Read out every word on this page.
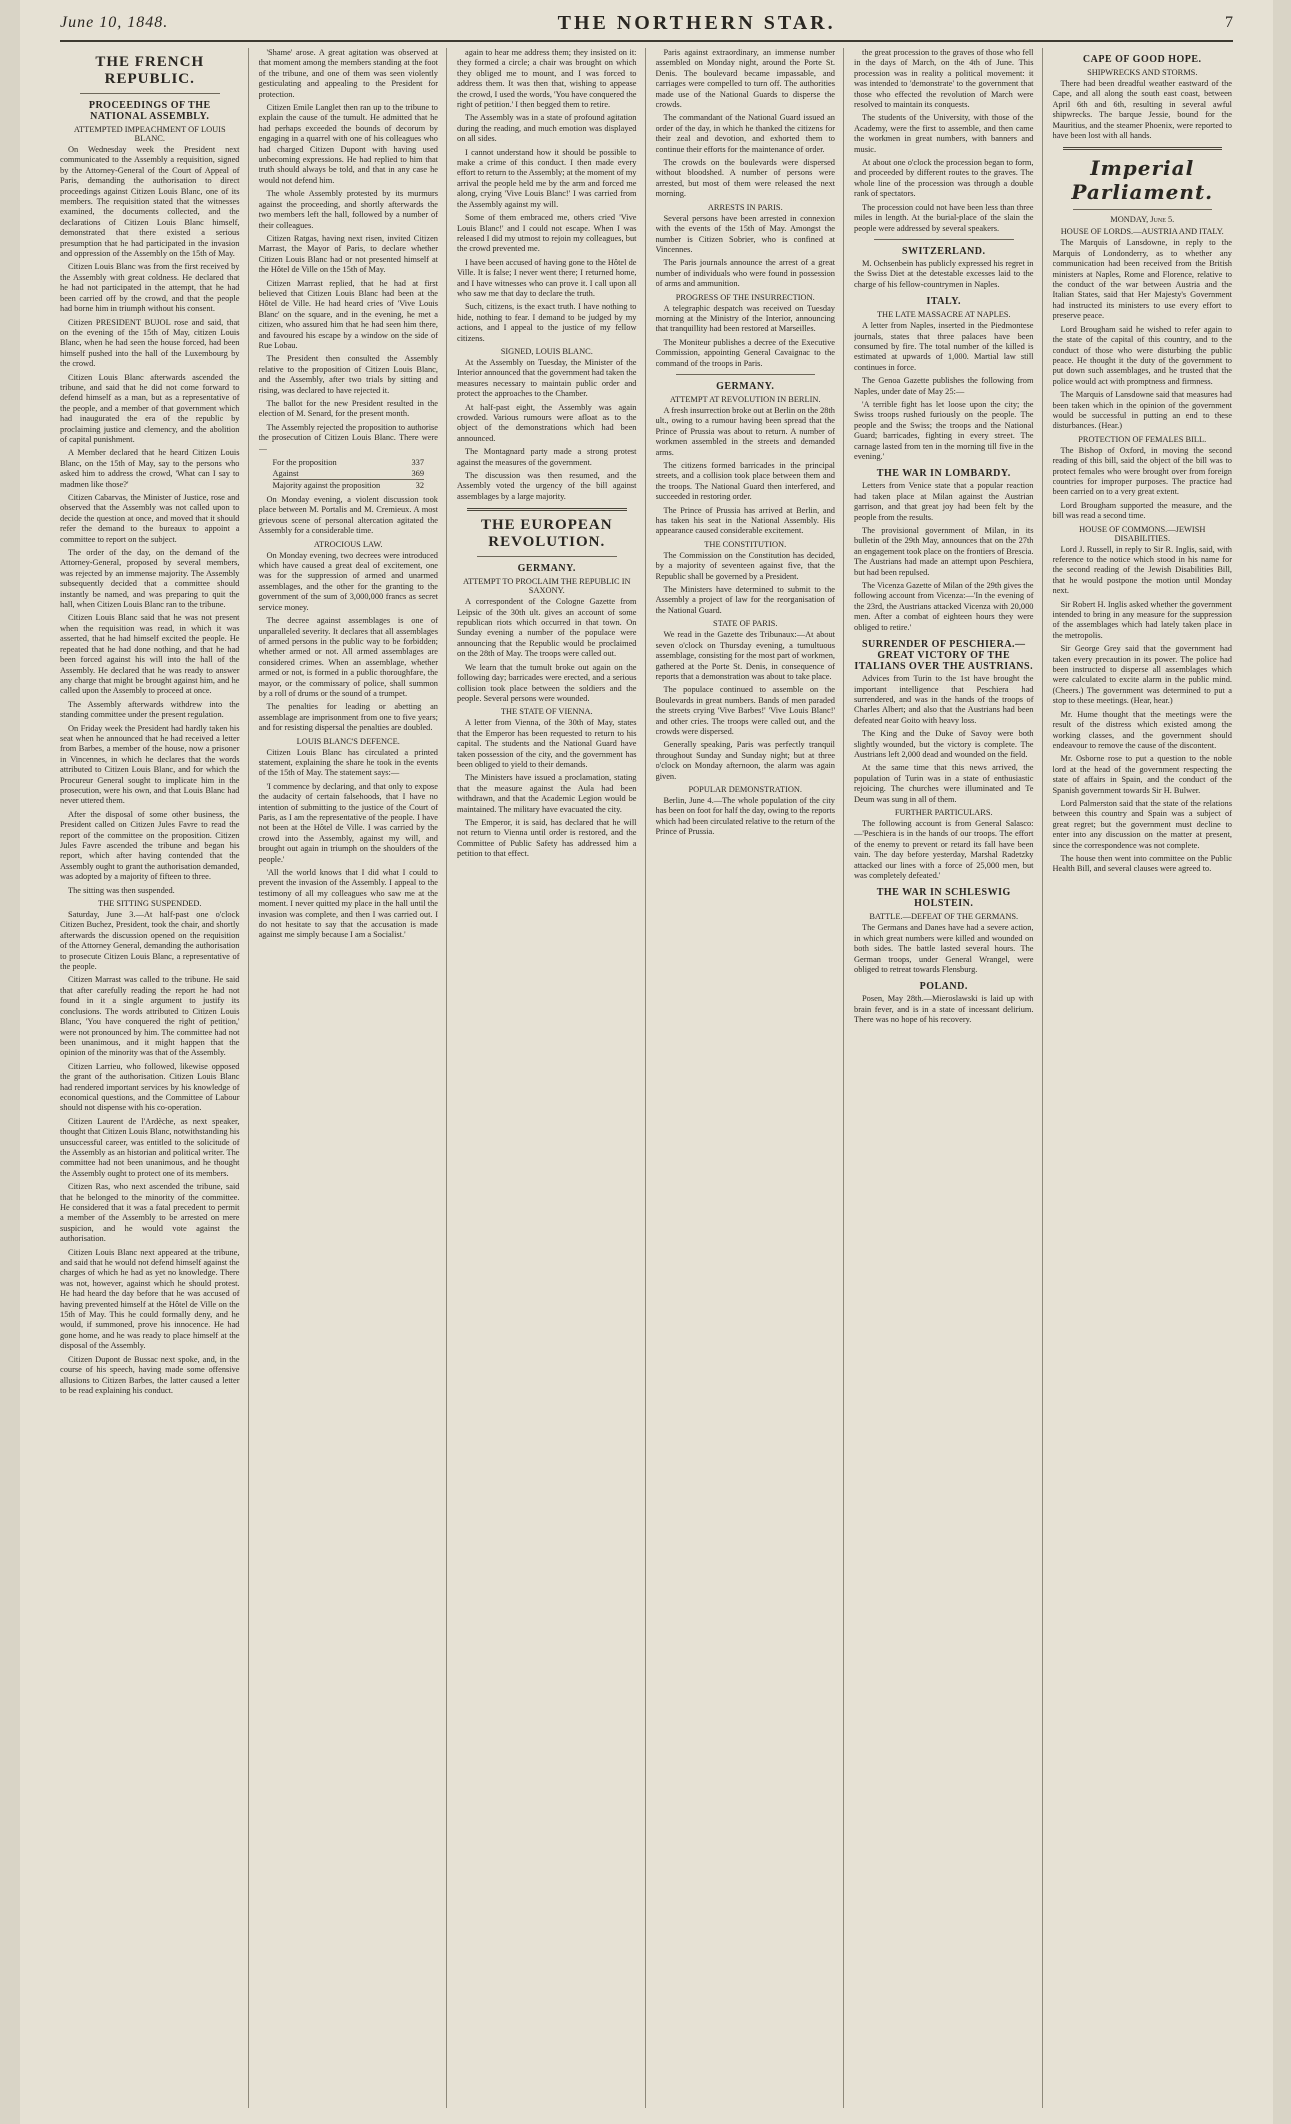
June 10, 1848.	THE NORTHERN STAR.	7
THE FRENCH REPUBLIC.
PROCEEDINGS OF THE NATIONAL ASSEMBLY.
ATTEMPTED IMPEACHMENT OF LOUIS BLANC.

On Wednesday week the President next communicated to the Assembly a requisition, signed by the Attorney-General of the Court of Appeal of Paris, demanding the authorisation to direct proceedings against Citizen Louis Blanc, one of its members. The requisition stated that the witnesses examined, the documents collected, and the declarations of Citizen Louis Blanc himself, demonstrated that there existed a serious presumption that he had participated in the invasion and oppression of the Assembly on the 15th of May.

Citizen Louis Blanc was from the first received by the Assembly with great coldness. He declared that he had not participated in the attempt, that he had been carried off by the crowd, and that the people had borne him in triumph without his consent.

Citizen PRESIDENT BUJOL rose and said, that on the evening of the 15th of May, citizen Louis Blanc, when he had seen the house forced, had been himself pushed into the hall of the Luxembourg by the crowd.

Citizen Louis Blanc afterwards ascended the tribune, and said that he did not come forward to defend himself as a man, but as a representative of the people, and a member of that government which had inaugurated the era of the republic by proclaiming justice and clemency, and the abolition of capital punishment.

A Member declared that he heard Citizen Louis Blanc, on the 15th of May, say to the persons who asked him to address the crowd, 'What can I say to madmen like those?'

Citizen Cabarvas, the Minister of Justice, rose and observed that the Assembly was not called upon to decide the question at once, and moved that it should refer the demand to the bureaux to appoint a committee to report on the subject.

The order of the day, on the demand of the Attorney-General, proposed by several members, was rejected by an immense majority. The Assembly subsequently decided that a committee should instantly be named, and was preparing to quit the hall, when Citizen Louis Blanc ran to the tribune.

Citizen Louis Blanc said that he was not present when the requisition was read, in which it was asserted, that he had himself excited the people. He repeated that he had done nothing, and that he had been forced against his will into the hall of the Assembly. He declared that he was ready to answer any charge that might be brought against him, and he called upon the Assembly to proceed at once.

The Assembly afterwards withdrew into the standing committee under the present regulation.

On Friday week the President had hardly taken his seat when he announced that he had received a letter from Barbes, a member of the house, now a prisoner in Vincennes, in which he declares that the words attributed to Citizen Louis Blanc, and for which the Procureur General sought to implicate him in the prosecution, were his own, and that Louis Blanc had never uttered them.

After the disposal of some other business, the President called on Citizen Jules Favre to read the report of the committee on the proposition. Citizen Jules Favre ascended the tribune and began his report, which after having contended that the Assembly ought to grant the authorisation demanded, was adopted by a majority of fifteen to three.

The sitting was then suspended.

THE SITTING SUSPENDED.

Saturday, June 3.—At half-past one o'clock Citizen Buchez, President, took the chair, and shortly afterwards the discussion opened on the requisition of the Attorney General, demanding the authorisation to prosecute Citizen Louis Blanc, a representative of the people.

Citizen Marrast was called to the tribune. He said that after carefully reading the report he had not found in it a single argument to justify its conclusions. The words attributed to Citizen Louis Blanc, 'You have conquered the right of petition,' were not pronounced by him. The committee had not been unanimous, and it might happen that the opinion of the minority was that of the Assembly.

Citizen Larrieu, who followed, likewise opposed the grant of the authorisation. Citizen Louis Blanc had rendered important services by his knowledge of economical questions, and the Committee of Labour should not dispense with his co-operation.

Citizen Laurent de l'Ardèche, as next speaker, thought that Citizen Louis Blanc, notwithstanding his unsuccessful career, was entitled to the solicitude of the Assembly as an historian and political writer. The committee had not been unanimous, and he thought the Assembly ought to protect one of its members.

Citizen Ras, who next ascended the tribune, said that he belonged to the minority of the committee. He considered that it was a fatal precedent to permit a member of the Assembly to be arrested on mere suspicion, and he would vote against the authorisation.

Citizen Louis Blanc next appeared at the tribune, and said that he would not defend himself against the charges of which he had as yet no knowledge. There was not, however, against which he should protest. He had heard the day before that he was accused of having prevented himself at the Hôtel de Ville on the 15th of May. This he could formally deny, and he would, if summoned, prove his innocence. He had gone home, and he was ready to place himself at the disposal of the Assembly.

Citizen Dupont de Bussac next spoke, and, in the course of his speech, having made some offensive allusions to Citizen Barbes, the latter caused a letter to be read explaining his conduct.

'Shame' arose. A great agitation was observed at that moment among the members standing at the foot of the tribune, and one of them was seen violently gesticulating and appealing to the President for protection.

Citizen Emile Langlet then ran up to the tribune to explain the cause of the tumult. He admitted that he had perhaps exceeded the bounds of decorum by engaging in a quarrel with one of his colleagues who had charged Citizen Dupont with having used unbecoming expressions. He had replied to him that truth should always be told, and that in any case he would not defend him.

The whole Assembly protested by its murmurs against the proceeding, and shortly afterwards the two members left the hall, followed by a number of their colleagues.

Citizen Ratgas, having next risen, invited Citizen Marrast, the Mayor of Paris, to declare whether Citizen Louis Blanc had or not presented himself at the Hôtel de Ville on the 15th of May.

Citizen Marrast replied, that he had at first believed that Citizen Louis Blanc had been at the Hôtel de Ville. He had heard cries of 'Vive Louis Blanc' on the square, and in the evening, he met a citizen, who assured him that he had seen him there, and favoured his escape by a window on the side of Rue Lobau.

The President then consulted the Assembly relative to the proposition of Citizen Louis Blanc, and the Assembly, after two trials by sitting and rising, was declared to have rejected it.

The ballot for the new President resulted in the election of M. Senard, for the present month.

The Assembly rejected the proposition to authorise the prosecution of Citizen Louis Blanc. There were—

For the proposition	337
Against	369
Majority against the proposition	32

On Monday evening, a violent discussion took place between M. Portalis and M. Cremieux. A most grievous scene of personal altercation agitated the Assembly for a considerable time.

ATROCIOUS LAW.

On Monday evening, two decrees were introduced which have caused a great deal of excitement, one was for the suppression of armed and unarmed assemblages, and the other for the granting to the government of the sum of 3,000,000 francs as secret service money.

The decree against assemblages is one of unparalleled severity. It declares that all assemblages of armed persons in the public way to be forbidden; whether armed or not. All armed assemblages are considered crimes. When an assemblage, whether armed or not, is formed in a public thoroughfare, the mayor, or the commissary of police, shall summon by a roll of drums or the sound of a trumpet.

The penalties for leading or abetting an assemblage are imprisonment from one to five years; and for resisting dispersal the penalties are doubled.

LOUIS BLANC'S DEFENCE.

Citizen Louis Blanc has circulated a printed statement, explaining the share he took in the events of the 15th of May. The statement says:—

'I commence by declaring, and that only to expose the audacity of certain falsehoods, that I have no intention of submitting to the justice of the Court of Paris, as I am the representative of the people. I have not been at the Hôtel de Ville. I was carried by the crowd into the Assembly, against my will, and brought out again in triumph on the shoulders of the people.'

'All the world knows that I did what I could to prevent the invasion of the Assembly. I appeal to the testimony of all my colleagues who saw me at the moment. I never quitted my place in the hall until the invasion was complete, and then I was carried out. I do not hesitate to say that the accusation is made against me simply because I am a Socialist.'

again to hear me address them; they insisted on it: they formed a circle; a chair was brought on which they obliged me to mount, and I was forced to address them. It was then that, wishing to appease the crowd, I used the words, 'You have conquered the right of petition.' I then begged them to retire.

The Assembly was in a state of profound agitation during the reading, and much emotion was displayed on all sides.

I cannot understand how it should be possible to make a crime of this conduct. I then made every effort to return to the Assembly; at the moment of my arrival the people held me by the arm and forced me along, crying 'Vive Louis Blanc!' I was carried from the Assembly against my will.

Some of them embraced me, others cried 'Vive Louis Blanc!' and I could not escape. When I was released I did my utmost to rejoin my colleagues, but the crowd prevented me.

I have been accused of having gone to the Hôtel de Ville. It is false; I never went there; I returned home, and I have witnesses who can prove it. I call upon all who saw me that day to declare the truth.

Such, citizens, is the exact truth. I have nothing to hide, nothing to fear. I demand to be judged by my actions, and I appeal to the justice of my fellow citizens.

SIGNED, LOUIS BLANC.

At the Assembly on Tuesday, the Minister of the Interior announced that the government had taken the measures necessary to maintain public order and protect the approaches to the Chamber.

At half-past eight, the Assembly was again crowded. Various rumours were afloat as to the object of the demonstrations which had been announced.

The Montagnard party made a strong protest against the measures of the government.

The discussion was then resumed, and the Assembly voted the urgency of the bill against assemblages by a large majority.

THE EUROPEAN REVOLUTION.
GERMANY.
ATTEMPT TO PROCLAIM THE REPUBLIC IN SAXONY.

A correspondent of the Cologne Gazette from Leipsic of the 30th ult. gives an account of some republican riots which occurred in that town. On Sunday evening a number of the populace were announcing that the Republic would be proclaimed on the 28th of May. The troops were called out.

We learn that the tumult broke out again on the following day; barricades were erected, and a serious collision took place between the soldiers and the people. Several persons were wounded.

THE STATE OF VIENNA.

A letter from Vienna, of the 30th of May, states that the Emperor has been requested to return to his capital. The students and the National Guard have taken possession of the city, and the government has been obliged to yield to their demands.

The Ministers have issued a proclamation, stating that the measure against the Aula had been withdrawn, and that the Academic Legion would be maintained. The military have evacuated the city.

The Emperor, it is said, has declared that he will not return to Vienna until order is restored, and the Committee of Public Safety has addressed him a petition to that effect.

Paris against extraordinary, an immense number assembled on Monday night, around the Porte St. Denis. The boulevard became impassable, and carriages were compelled to turn off. The authorities made use of the National Guards to disperse the crowds.

The commandant of the National Guard issued an order of the day, in which he thanked the citizens for their zeal and devotion, and exhorted them to continue their efforts for the maintenance of order.

The crowds on the boulevards were dispersed without bloodshed. A number of persons were arrested, but most of them were released the next morning.

ARRESTS IN PARIS.

Several persons have been arrested in connexion with the events of the 15th of May. Amongst the number is Citizen Sobrier, who is confined at Vincennes.

The Paris journals announce the arrest of a great number of individuals who were found in possession of arms and ammunition.

PROGRESS OF THE INSURRECTION.

A telegraphic despatch was received on Tuesday morning at the Ministry of the Interior, announcing that tranquillity had been restored at Marseilles.

The Moniteur publishes a decree of the Executive Commission, appointing General Cavaignac to the command of the troops in Paris.

GERMANY.
ATTEMPT AT REVOLUTION IN BERLIN.

A fresh insurrection broke out at Berlin on the 28th ult., owing to a rumour having been spread that the Prince of Prussia was about to return. A number of workmen assembled in the streets and demanded arms.

The citizens formed barricades in the principal streets, and a collision took place between them and the troops. The National Guard then interfered, and succeeded in restoring order.

The Prince of Prussia has arrived at Berlin, and has taken his seat in the National Assembly. His appearance caused considerable excitement.

THE CONSTITUTION.

The Commission on the Constitution has decided, by a majority of seventeen against five, that the Republic shall be governed by a President.

The Ministers have determined to submit to the Assembly a project of law for the reorganisation of the National Guard.

STATE OF PARIS.

We read in the Gazette des Tribunaux:—At about seven o'clock on Thursday evening, a tumultuous assemblage, consisting for the most part of workmen, gathered at the Porte St. Denis, in consequence of reports that a demonstration was about to take place.

The populace continued to assemble on the Boulevards in great numbers. Bands of men paraded the streets crying 'Vive Barbes!' 'Vive Louis Blanc!' and other cries. The troops were called out, and the crowds were dispersed.

Generally speaking, Paris was perfectly tranquil throughout Sunday and Sunday night; but at three o'clock on Monday afternoon, the alarm was again given.

POPULAR DEMONSTRATION.

Berlin, June 4.—The whole population of the city has been on foot for half the day, owing to the reports which had been circulated relative to the return of the Prince of Prussia.

the great procession to the graves of those who fell in the days of March, on the 4th of June. This procession was in reality a political movement: it was intended to 'demonstrate' to the government that those who effected the revolution of March were resolved to maintain its conquests.

The students of the University, with those of the Academy, were the first to assemble, and then came the workmen in great numbers, with banners and music.

At about one o'clock the procession began to form, and proceeded by different routes to the graves. The whole line of the procession was through a double rank of spectators.

The procession could not have been less than three miles in length. At the burial-place of the slain the people were addressed by several speakers.

SWITZERLAND.

M. Ochsenbein has publicly expressed his regret in the Swiss Diet at the detestable excesses laid to the charge of his fellow-countrymen in Naples.

ITALY.
THE LATE MASSACRE AT NAPLES.

A letter from Naples, inserted in the Piedmontese journals, states that three palaces have been consumed by fire. The total number of the killed is estimated at upwards of 1,000. Martial law still continues in force.

The Genoa Gazette publishes the following from Naples, under date of May 25:—

'A terrible fight has let loose upon the city; the Swiss troops rushed furiously on the people. The people and the Swiss; the troops and the National Guard; barricades, fighting in every street. The carnage lasted from ten in the morning till five in the evening.'

THE WAR IN LOMBARDY.

Letters from Venice state that a popular reaction had taken place at Milan against the Austrian garrison, and that great joy had been felt by the people from the results.

The provisional government of Milan, in its bulletin of the 29th May, announces that on the 27th an engagement took place on the frontiers of Brescia. The Austrians had made an attempt upon Peschiera, but had been repulsed.

The Vicenza Gazette of Milan of the 29th gives the following account from Vicenza:—'In the evening of the 23rd, the Austrians attacked Vicenza with 20,000 men. After a combat of eighteen hours they were obliged to retire.'

SURRENDER OF PESCHIERA.—GREAT VICTORY OF THE ITALIANS OVER THE AUSTRIANS.

Advices from Turin to the 1st have brought the important intelligence that Peschiera had surrendered, and was in the hands of the troops of Charles Albert; and also that the Austrians had been defeated near Goito with heavy loss.

The King and the Duke of Savoy were both slightly wounded, but the victory is complete. The Austrians left 2,000 dead and wounded on the field.

At the same time that this news arrived, the population of Turin was in a state of enthusiastic rejoicing. The churches were illuminated and Te Deum was sung in all of them.

FURTHER PARTICULARS.

The following account is from General Salasco:—'Peschiera is in the hands of our troops. The effort of the enemy to prevent or retard its fall have been vain. The day before yesterday, Marshal Radetzky attacked our lines with a force of 25,000 men, but was completely defeated.'

THE WAR IN SCHLESWIG HOLSTEIN.
BATTLE.—DEFEAT OF THE GERMANS.

The Germans and Danes have had a severe action, in which great numbers were killed and wounded on both sides. The battle lasted several hours. The German troops, under General Wrangel, were obliged to retreat towards Flensburg.

POLAND.

Posen, May 28th.—Mieroslawski is laid up with brain fever, and is in a state of incessant delirium. There was no hope of his recovery.

CAPE OF GOOD HOPE.
SHIPWRECKS AND STORMS.

There had been dreadful weather eastward of the Cape, and all along the south east coast, between April 6th and 6th, resulting in several awful shipwrecks. The barque Jessie, bound for the Mauritius, and the steamer Phoenix, were reported to have been lost with all hands.

Imperial Parliament.
MONDAY, June 5.
HOUSE OF LORDS.—AUSTRIA AND ITALY.

The Marquis of Lansdowne, in reply to the Marquis of Londonderry, as to whether any communication had been received from the British ministers at Naples, Rome and Florence, relative to the conduct of the war between Austria and the Italian States, said that Her Majesty's Government had instructed its ministers to use every effort to preserve peace.

Lord Brougham said he wished to refer again to the state of the capital of this country, and to the conduct of those who were disturbing the public peace. He thought it the duty of the government to put down such assemblages, and he trusted that the police would act with promptness and firmness.

The Marquis of Lansdowne said that measures had been taken which in the opinion of the government would be successful in putting an end to these disturbances. (Hear.)

PROTECTION OF FEMALES BILL.

The Bishop of Oxford, in moving the second reading of this bill, said the object of the bill was to protect females who were brought over from foreign countries for improper purposes. The practice had been carried on to a very great extent.

Lord Brougham supported the measure, and the bill was read a second time.

HOUSE OF COMMONS.—JEWISH DISABILITIES.

Lord J. Russell, in reply to Sir R. Inglis, said, with reference to the notice which stood in his name for the second reading of the Jewish Disabilities Bill, that he would postpone the motion until Monday next.

Sir Robert H. Inglis asked whether the government intended to bring in any measure for the suppression of the assemblages which had lately taken place in the metropolis.

Sir George Grey said that the government had taken every precaution in its power. The police had been instructed to disperse all assemblages which were calculated to excite alarm in the public mind. (Cheers.) The government was determined to put a stop to these meetings. (Hear, hear.)

Mr. Hume thought that the meetings were the result of the distress which existed among the working classes, and the government should endeavour to remove the cause of the discontent.

Mr. Osborne rose to put a question to the noble lord at the head of the government respecting the state of affairs in Spain, and the conduct of the Spanish government towards Sir H. Bulwer.

Lord Palmerston said that the state of the relations between this country and Spain was a subject of great regret; but the government must decline to enter into any discussion on the matter at present, since the correspondence was not complete.

The house then went into committee on the Public Health Bill, and several clauses were agreed to.
